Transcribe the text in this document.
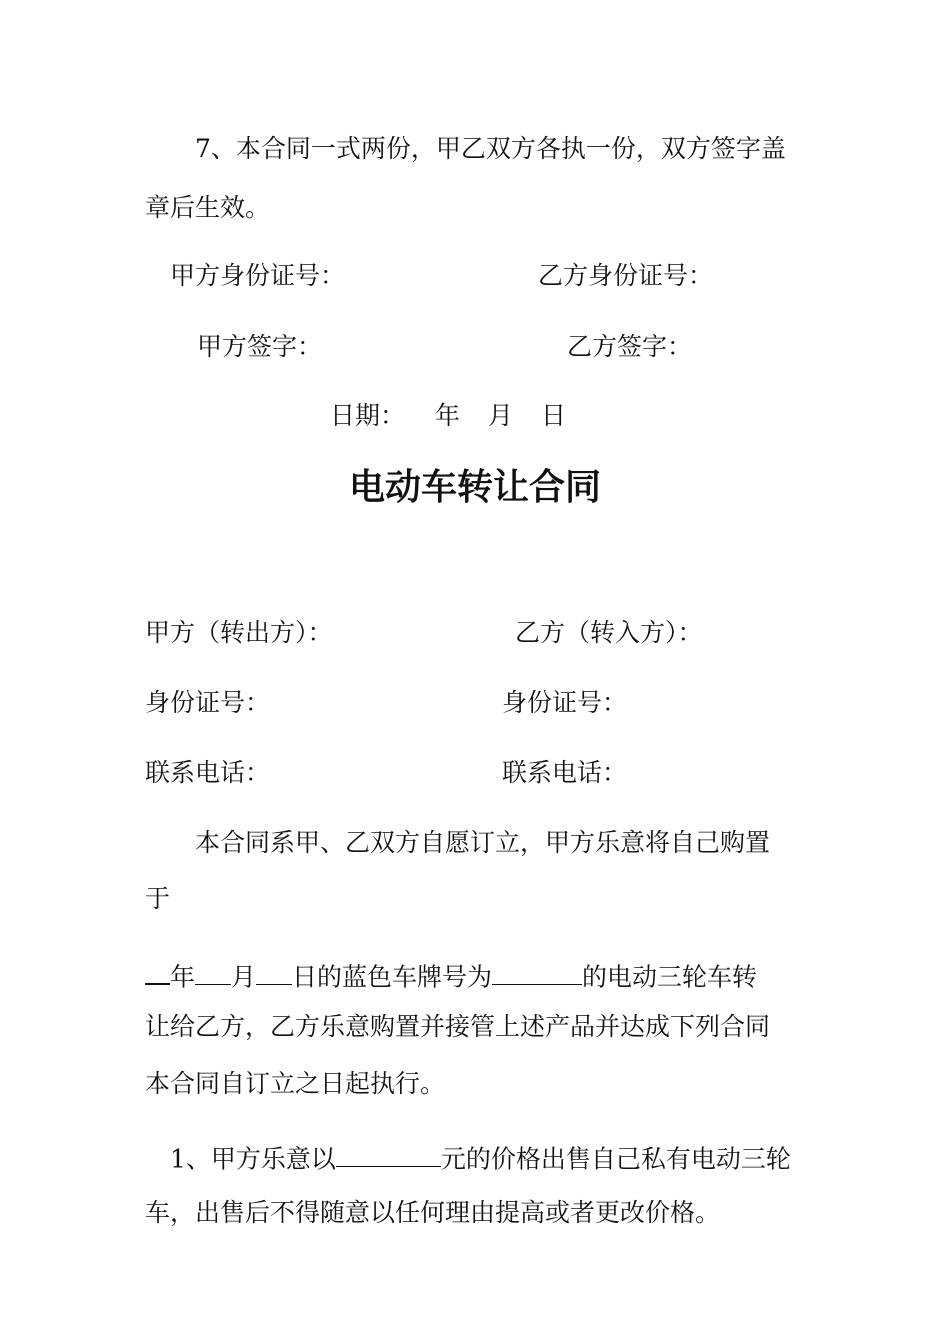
7、本合同一式两份，甲乙双方各执一份，双方签字盖
章后生效。
甲方身份证号：	乙方身份证号：
甲方签字：	乙方签字：
日期： 年 月 日
电动车转让合同
甲方（转出方）：	乙方（转入方）：
身份证号：	身份证号：
联系电话：	联系电话：
本合同系甲、乙双方自愿订立，甲方乐意将自己购置
于
年 月 日的蓝色车牌号为	的电动三轮车转
让给乙方，乙方乐意购置并接管上述产品并达成下列合同
本合同自订立之日起执行。
1、甲方乐意以	元的价格出售自己私有电动三轮
车，出售后不得随意以任何理由提高或者更改价格。
